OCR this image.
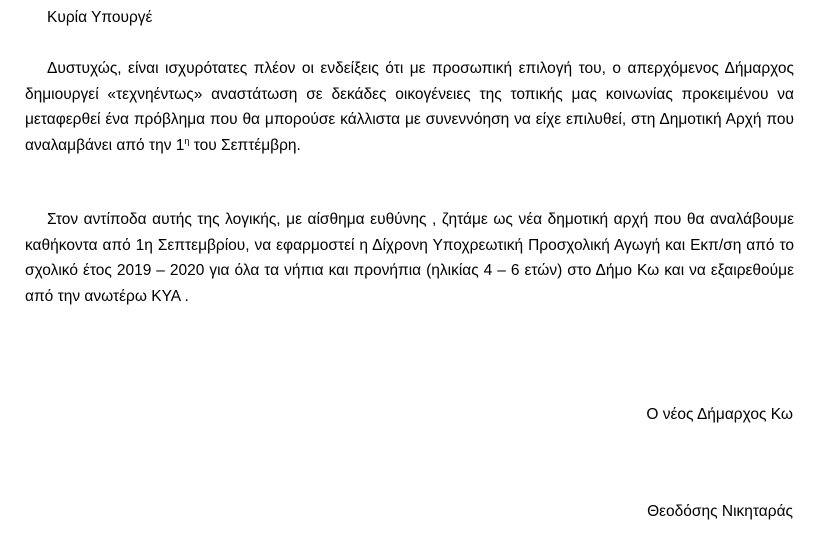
Κυρία Υπουργέ

Δυστυχώς, είναι ισχυρότατες πλέον οι ενδείξεις ότι με προσωπική επιλογή του, ο απερχόμενος Δήμαρχος δημιουργεί «τεχνηέντως» αναστάτωση σε δεκάδες οικογένειες της τοπικής μας κοινωνίας προκειμένου να μεταφερθεί ένα πρόβλημα που θα μπορούσε κάλλιστα με συνεννόηση να είχε επιλυθεί, στη Δημοτική Αρχή που αναλαμβάνει από την $1^\eta$ του Σεπτέμβρη.

Στον αντίποδα αυτής της λογικής, με αίσθημα ευθύνης , ζητάμε ως νέα δημοτική αρχή που θα αναλάβουμε καθήκοντα από 1η Σεπτεμβρίου, να εφαρμοστεί η Δίχρονη Υποχρεωτική Προσχολική Αγωγή και Εκπ/ση από το σχολικό έτος 2019 – 2020 για όλα τα νήπια και προνήπια (ηλικίας 4 – 6 ετών) στο Δήμο Κω και να εξαιρεθούμε από την ανωτέρω ΚΥΑ .

Ο νέος Δήμαρχος Κω
Θεοδόσης Νικηταράς
